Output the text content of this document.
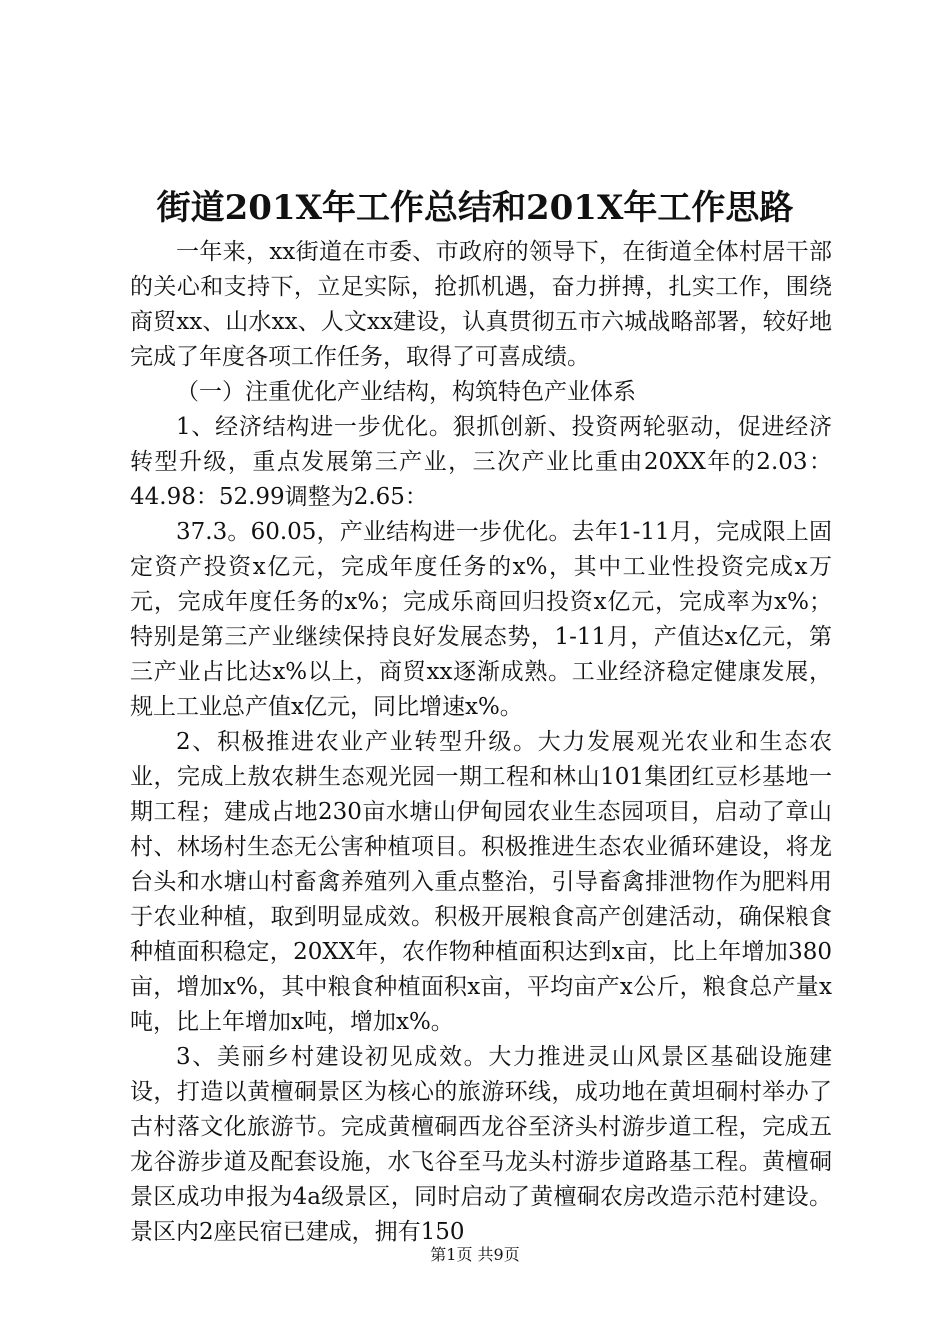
街道201X年工作总结和201X年工作思路

一年来，xx街道在市委、市政府的领导下，在街道全体村居干部的关心和支持下，立足实际，抢抓机遇，奋力拼搏，扎实工作，围绕商贸xx、山水xx、人文xx建设，认真贯彻五市六城战略部署，较好地完成了年度各项工作任务，取得了可喜成绩。

（一）注重优化产业结构，构筑特色产业体系

1、经济结构进一步优化。狠抓创新、投资两轮驱动，促进经济转型升级，重点发展第三产业，三次产业比重由20XX年的2.03：44.98：52.99调整为2.65：

37.3。60.05，产业结构进一步优化。去年1-11月，完成限上固定资产投资x亿元，完成年度任务的x%，其中工业性投资完成x万元，完成年度任务的x%；完成乐商回归投资x亿元，完成率为x%；特别是第三产业继续保持良好发展态势，1-11月，产值达x亿元，第三产业占比达x%以上，商贸xx逐渐成熟。工业经济稳定健康发展，规上工业总产值x亿元，同比增速x%。

2、积极推进农业产业转型升级。大力发展观光农业和生态农业，完成上敖农耕生态观光园一期工程和林山101集团红豆杉基地一期工程；建成占地230亩水塘山伊甸园农业生态园项目，启动了章山村、林场村生态无公害种植项目。积极推进生态农业循环建设，将龙台头和水塘山村畜禽养殖列入重点整治，引导畜禽排泄物作为肥料用于农业种植，取到明显成效。积极开展粮食高产创建活动，确保粮食种植面积稳定，20XX年，农作物种植面积达到x亩，比上年增加380亩，增加x%，其中粮食种植面积x亩，平均亩产x公斤，粮食总产量x吨，比上年增加x吨，增加x%。

3、美丽乡村建设初见成效。大力推进灵山风景区基础设施建设，打造以黄檀硐景区为核心的旅游环线，成功地在黄坦硐村举办了古村落文化旅游节。完成黄檀硐西龙谷至济头村游步道工程，完成五龙谷游步道及配套设施，水飞谷至马龙头村游步道路基工程。黄檀硐景区成功申报为4a级景区，同时启动了黄檀硐农房改造示范村建设。景区内2座民宿已建成，拥有150

第1页 共9页
